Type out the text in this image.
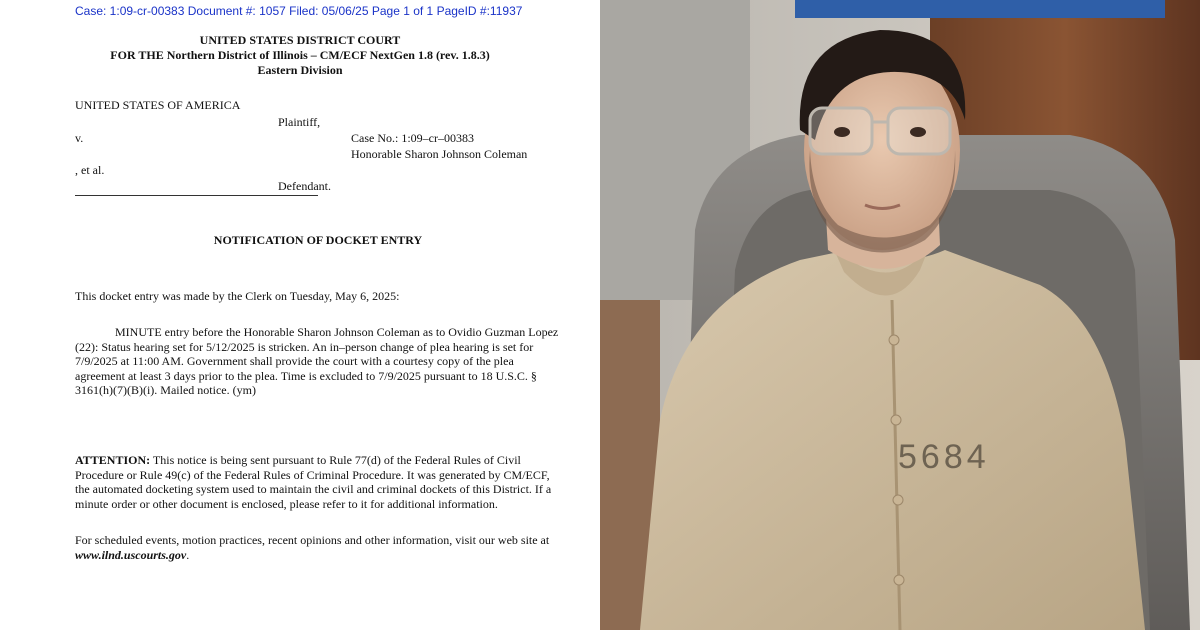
Case: 1:09-cr-00383 Document #: 1057 Filed: 05/06/25 Page 1 of 1 PageID #:11937
UNITED STATES DISTRICT COURT
FOR THE Northern District of Illinois – CM/ECF NextGen 1.8 (rev. 1.8.3)
Eastern Division
UNITED STATES OF AMERICA
Plaintiff,
v.	Case No.: 1:09–cr–00383
Honorable Sharon Johnson Coleman
, et al.
Defendant.
NOTIFICATION OF DOCKET ENTRY
This docket entry was made by the Clerk on Tuesday, May 6, 2025:
MINUTE entry before the Honorable Sharon Johnson Coleman as to Ovidio Guzman Lopez (22): Status hearing set for 5/12/2025 is stricken. An in–person change of plea hearing is set for 7/9/2025 at 11:00 AM. Government shall provide the court with a courtesy copy of the plea agreement at least 3 days prior to the plea. Time is excluded to 7/9/2025 pursuant to 18 U.S.C. § 3161(h)(7)(B)(i). Mailed notice. (ym)
ATTENTION: This notice is being sent pursuant to Rule 77(d) of the Federal Rules of Civil Procedure or Rule 49(c) of the Federal Rules of Criminal Procedure. It was generated by CM/ECF, the automated docketing system used to maintain the civil and criminal dockets of this District. If a minute order or other document is enclosed, please refer to it for additional information.
For scheduled events, motion practices, recent opinions and other information, visit our web site at www.ilnd.uscourts.gov.
5684
